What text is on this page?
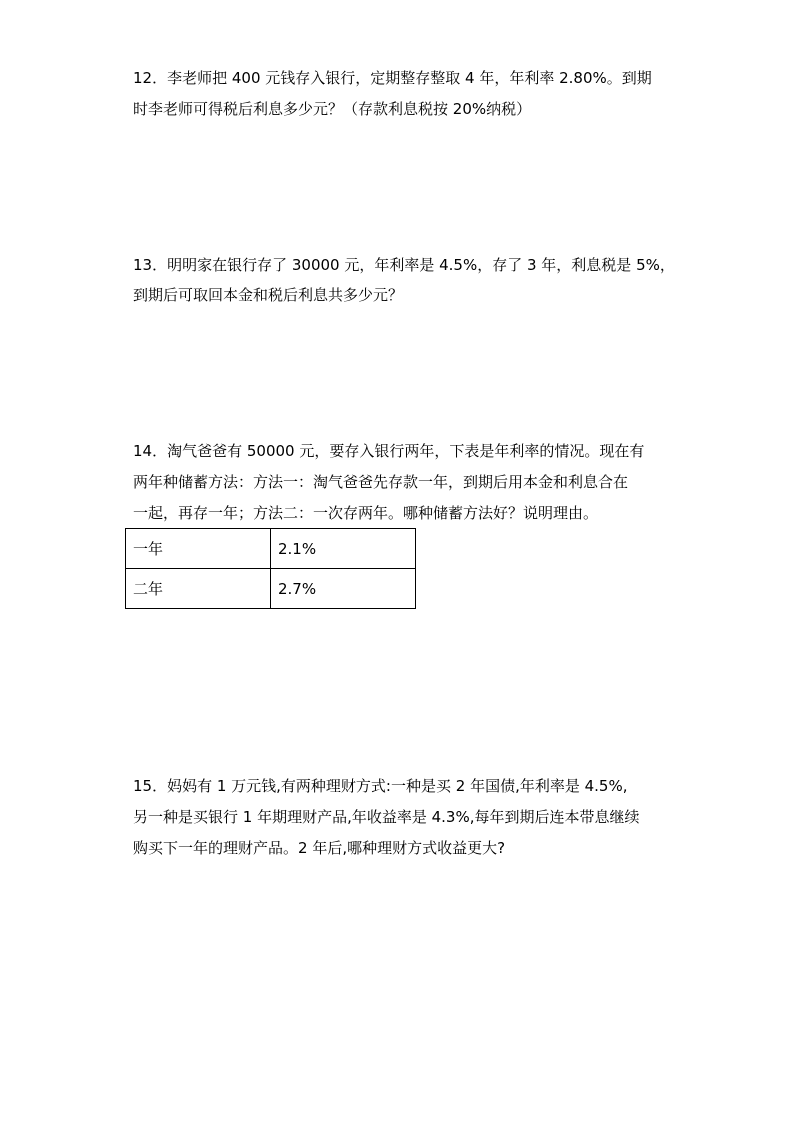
12．李老师把 400 元钱存入银行，定期整存整取 4 年，年利率 2.80%。到期
时李老师可得税后利息多少元？（存款利息税按 20%纳税）
13．明明家在银行存了 30000 元，年利率是 4.5%，存了 3 年，利息税是 5%，
到期后可取回本金和税后利息共多少元？
14．淘气爸爸有 50000 元，要存入银行两年，下表是年利率的情况。现在有
两年种储蓄方法：方法一：淘气爸爸先存款一年，到期后用本金和利息合在
一起，再存一年；方法二：一次存两年。哪种储蓄方法好？说明理由。
一年	2.1%
二年	2.7%
15．妈妈有 1 万元钱,有两种理财方式:一种是买 2 年国债,年利率是 4.5%,
另一种是买银行 1 年期理财产品,年收益率是 4.3%,每年到期后连本带息继续
购买下一年的理财产品。2 年后,哪种理财方式收益更大?
